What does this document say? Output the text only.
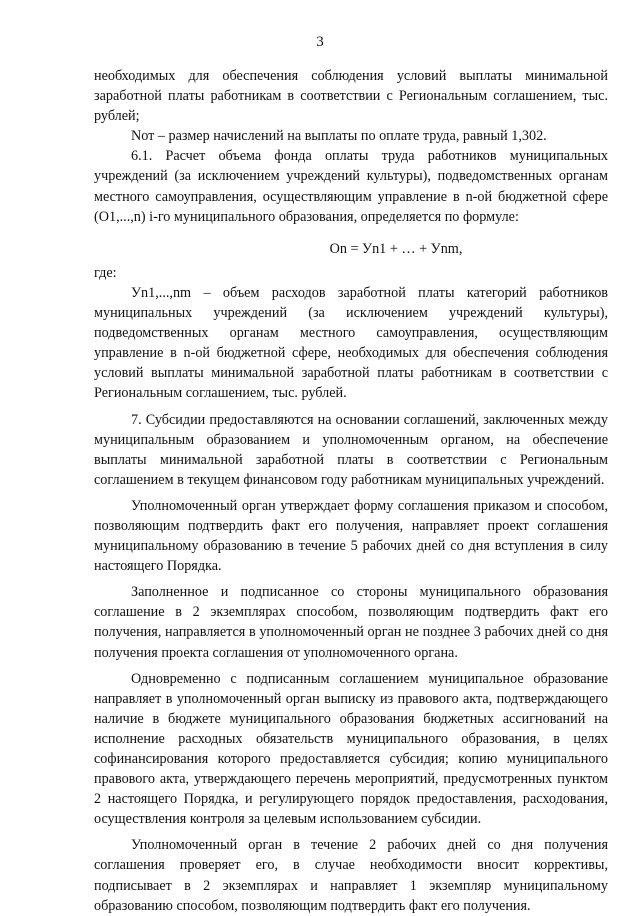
3

необходимых для обеспечения соблюдения условий выплаты минимальной заработной платы работникам в соответствии с Региональным соглашением, тыс. рублей;

Nот – размер начислений на выплаты по оплате труда, равный 1,302.

6.1. Расчет объема фонда оплаты труда работников муниципальных учреждений (за исключением учреждений культуры), подведомственных органам местного самоуправления, осуществляющим управление в n-ой бюджетной сфере (О1,...,n) i-го муниципального образования, определяется по формуле:

Оn = Уn1 + … + Уnm,

где:

Уn1,...,nm – объем расходов заработной платы категорий работников муниципальных учреждений (за исключением учреждений культуры), подведомственных органам местного самоуправления, осуществляющим управление в n-ой бюджетной сфере, необходимых для обеспечения соблюдения условий выплаты минимальной заработной платы работникам в соответствии с Региональным соглашением, тыс. рублей.

7. Субсидии предоставляются на основании соглашений, заключенных между муниципальным образованием и уполномоченным органом, на обеспечение выплаты минимальной заработной платы в соответствии с Региональным соглашением в текущем финансовом году работникам муниципальных учреждений.

Уполномоченный орган утверждает форму соглашения приказом и способом, позволяющим подтвердить факт его получения, направляет проект соглашения муниципальному образованию в течение 5 рабочих дней со дня вступления в силу настоящего Порядка.

Заполненное и подписанное со стороны муниципального образования соглашение в 2 экземплярах способом, позволяющим подтвердить факт его получения, направляется в уполномоченный орган не позднее 3 рабочих дней со дня получения проекта соглашения от уполномоченного органа.

Одновременно с подписанным соглашением муниципальное образование направляет в уполномоченный орган выписку из правового акта, подтверждающего наличие в бюджете муниципального образования бюджетных ассигнований на исполнение расходных обязательств муниципального образования, в целях софинансирования которого предоставляется субсидия; копию муниципального правового акта, утверждающего перечень мероприятий, предусмотренных пунктом 2 настоящего Порядка, и регулирующего порядок предоставления, расходования, осуществления контроля за целевым использованием субсидии.

Уполномоченный орган в течение 2 рабочих дней со дня получения соглашения проверяет его, в случае необходимости вносит коррективы, подписывает в 2 экземплярах и направляет 1 экземпляр муниципальному образованию способом, позволяющим подтвердить факт его получения.
